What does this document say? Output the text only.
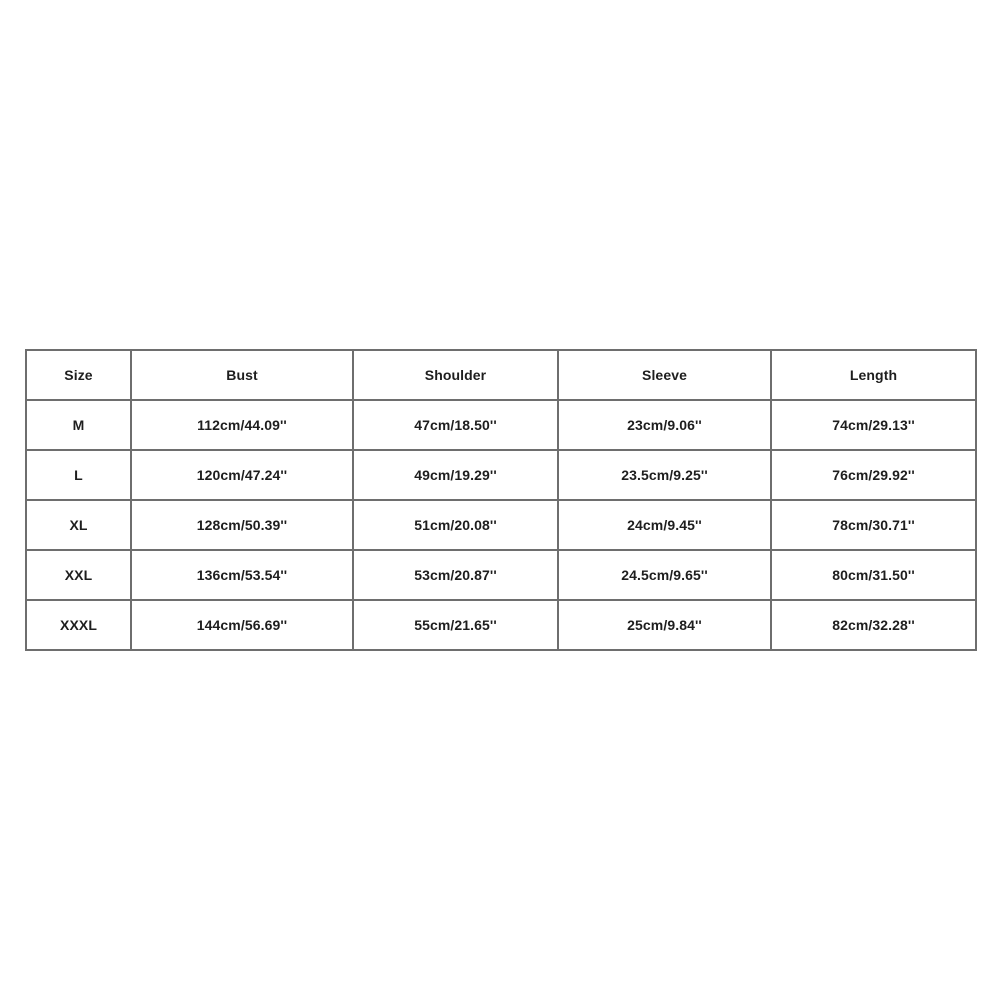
Size	Bust	Shoulder	Sleeve	Length
M	112cm/44.09''	47cm/18.50''	23cm/9.06''	74cm/29.13''
L	120cm/47.24''	49cm/19.29''	23.5cm/9.25''	76cm/29.92''
XL	128cm/50.39''	51cm/20.08''	24cm/9.45''	78cm/30.71''
XXL	136cm/53.54''	53cm/20.87''	24.5cm/9.65''	80cm/31.50''
XXXL	144cm/56.69''	55cm/21.65''	25cm/9.84''	82cm/32.28''
